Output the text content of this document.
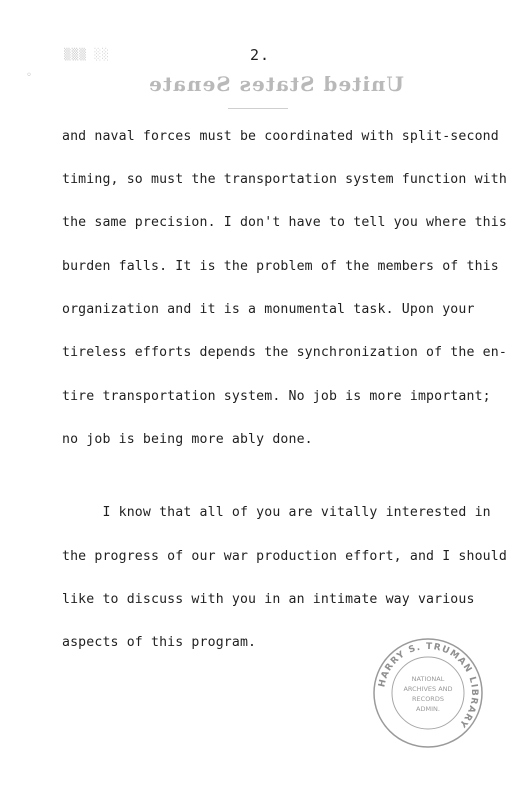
▒▒▒ ░░
◦
2.
United States Senate
and naval forces must be coordinated with split-second
timing, so must the transportation system function with
the same precision. I don't have to tell you where this
burden falls. It is the problem of the members of this
organization and it is a monumental task. Upon your
tireless efforts depends the synchronization of the en-
tire transportation system. No job is more important;
no job is being more ably done.
I know that all of you are vitally interested in
the progress of our war production effort, and I should
like to discuss with you in an intimate way various
aspects of this program.
HARRY S. TRUMAN LIBRARY
NATIONAL
ARCHIVES AND
RECORDS
ADMIN.
